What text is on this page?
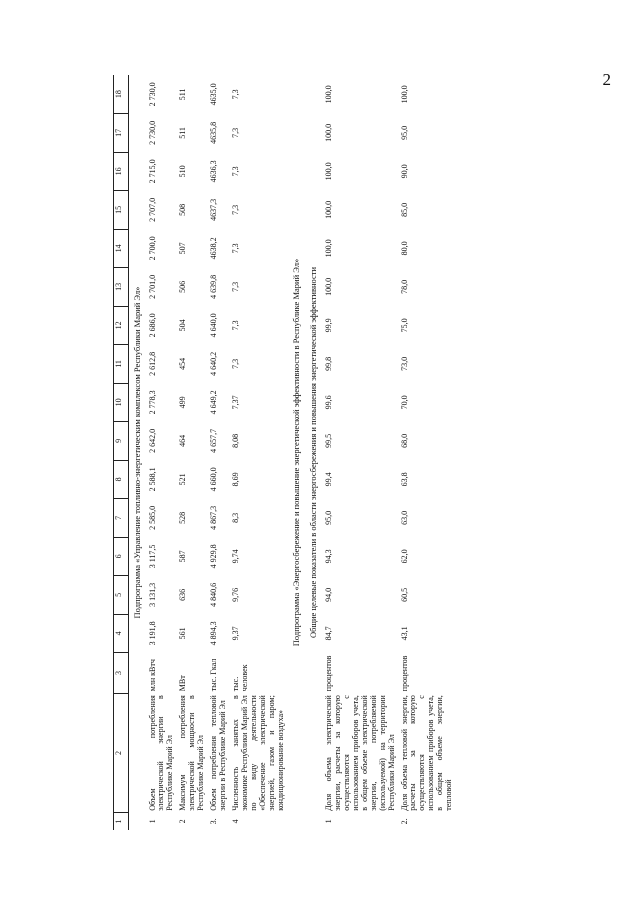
2
1	2	3	4	5	6	7	8	9	10	11	12	13	14	15	16	17	18
Подпрограмма «Управление топливно-энергетическим комплексом Республики Марий Эл»																	
1	Объем потребления электрической энергии в Республике Марий Эл	млн кВтч	3 191,8	3 131,3	3 117,5	2 585,0	2 588,1	2 642,0	2 778,3	2 612,8	2 686,0	2 701,0	2 700,0	2 707,0	2 715,0	2 730,0	2 730,0
2	Максимум потребления электрической мощности в Республике Марий Эл	МВт	561	636	587	528	521	464	499	454	504	506	507	508	510	511	511
3.	Объем потребления тепловой энергии в Республике Марий Эл	тыс. Гкал	4 894,3	4 840,6	4 929,8	4 867,3	4 660,0	4 657,7	4 649,2	4 640,2	4 640,0	4 639,8	4638,2	4637,3	4636,3	4635,8	4635,0
4	Численность занятых в экономике Республики Марий Эл по виду деятельности «Обеспечение электрической энергией, газом и паром; кондиционирование воздуха»	тыс. человек	9,37	9,76	9,74	8,3	8,69	8,08	7,37	7,3	7,3	7,3	7,3	7,3	7,3	7,3	7,3
Подпрограмма «Энергосбережение и повышение энергетической эффективности в Республике Марий Эл»																	
Общие целевые показатели в области энергосбережения и повышения энергетической эффективности																	
1	Доля объема электрической энергии, расчеты за которую осуществляются с использованием приборов учета, в общем объеме электрической энергии, потребляемой (используемой) на территории Республики Марий Эл	процентов	84,7	94,0	94,3	95,0	99,4	99,5	99,6	99,8	99,9	100,0	100,0	100,0	100,0	100,0	100,0
2.	Доля объема тепловой энергии, расчеты за которую осуществляются с использованием приборов учета, в общем объеме энергии, тепловой	процентов	43,1	60,5	62,0	63,0	63,8	68,0	70,0	73,0	75,0	78,0	80,0	85,0	90,0	95,0	100,0
